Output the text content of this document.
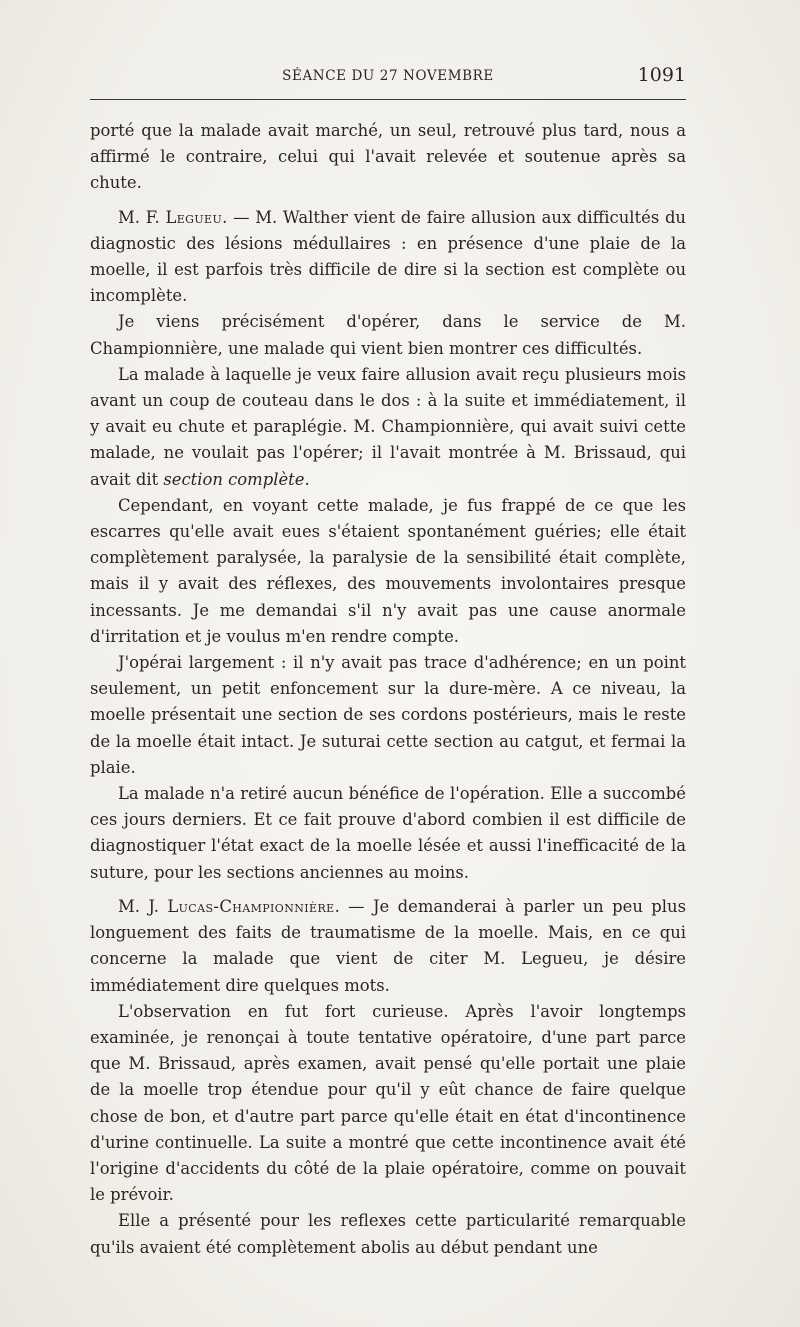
SÉANCE DU 27 NOVEMBRE	1091

porté que la malade avait marché, un seul, retrouvé plus tard, nous a affirmé le contraire, celui qui l'avait relevée et soutenue après sa chute.

M. F. Legueu. — M. Walther vient de faire allusion aux difficultés du diagnostic des lésions médullaires : en présence d'une plaie de la moelle, il est parfois très difficile de dire si la section est complète ou incomplète.

Je viens précisément d'opérer, dans le service de M. Championnière, une malade qui vient bien montrer ces difficultés.

La malade à laquelle je veux faire allusion avait reçu plusieurs mois avant un coup de couteau dans le dos : à la suite et immédiatement, il y avait eu chute et paraplégie. M. Championnière, qui avait suivi cette malade, ne voulait pas l'opérer; il l'avait montrée à M. Brissaud, qui avait dit section complète.

Cependant, en voyant cette malade, je fus frappé de ce que les escarres qu'elle avait eues s'étaient spontanément guéries; elle était complètement paralysée, la paralysie de la sensibilité était complète, mais il y avait des réflexes, des mouvements involontaires presque incessants. Je me demandai s'il n'y avait pas une cause anormale d'irritation et je voulus m'en rendre compte.

J'opérai largement : il n'y avait pas trace d'adhérence; en un point seulement, un petit enfoncement sur la dure-mère. A ce niveau, la moelle présentait une section de ses cordons postérieurs, mais le reste de la moelle était intact. Je suturai cette section au catgut, et fermai la plaie.

La malade n'a retiré aucun bénéfice de l'opération. Elle a succombé ces jours derniers. Et ce fait prouve d'abord combien il est difficile de diagnostiquer l'état exact de la moelle lésée et aussi l'inefficacité de la suture, pour les sections anciennes au moins.

M. J. Lucas-Championnière. — Je demanderai à parler un peu plus longuement des faits de traumatisme de la moelle. Mais, en ce qui concerne la malade que vient de citer M. Legueu, je désire immédiatement dire quelques mots.

L'observation en fut fort curieuse. Après l'avoir longtemps examinée, je renonçai à toute tentative opératoire, d'une part parce que M. Brissaud, après examen, avait pensé qu'elle portait une plaie de la moelle trop étendue pour qu'il y eût chance de faire quelque chose de bon, et d'autre part parce qu'elle était en état d'incontinence d'urine continuelle. La suite a montré que cette incontinence avait été l'origine d'accidents du côté de la plaie opératoire, comme on pouvait le prévoir.

Elle a présenté pour les reflexes cette particularité remarquable qu'ils avaient été complètement abolis au début pendant une
